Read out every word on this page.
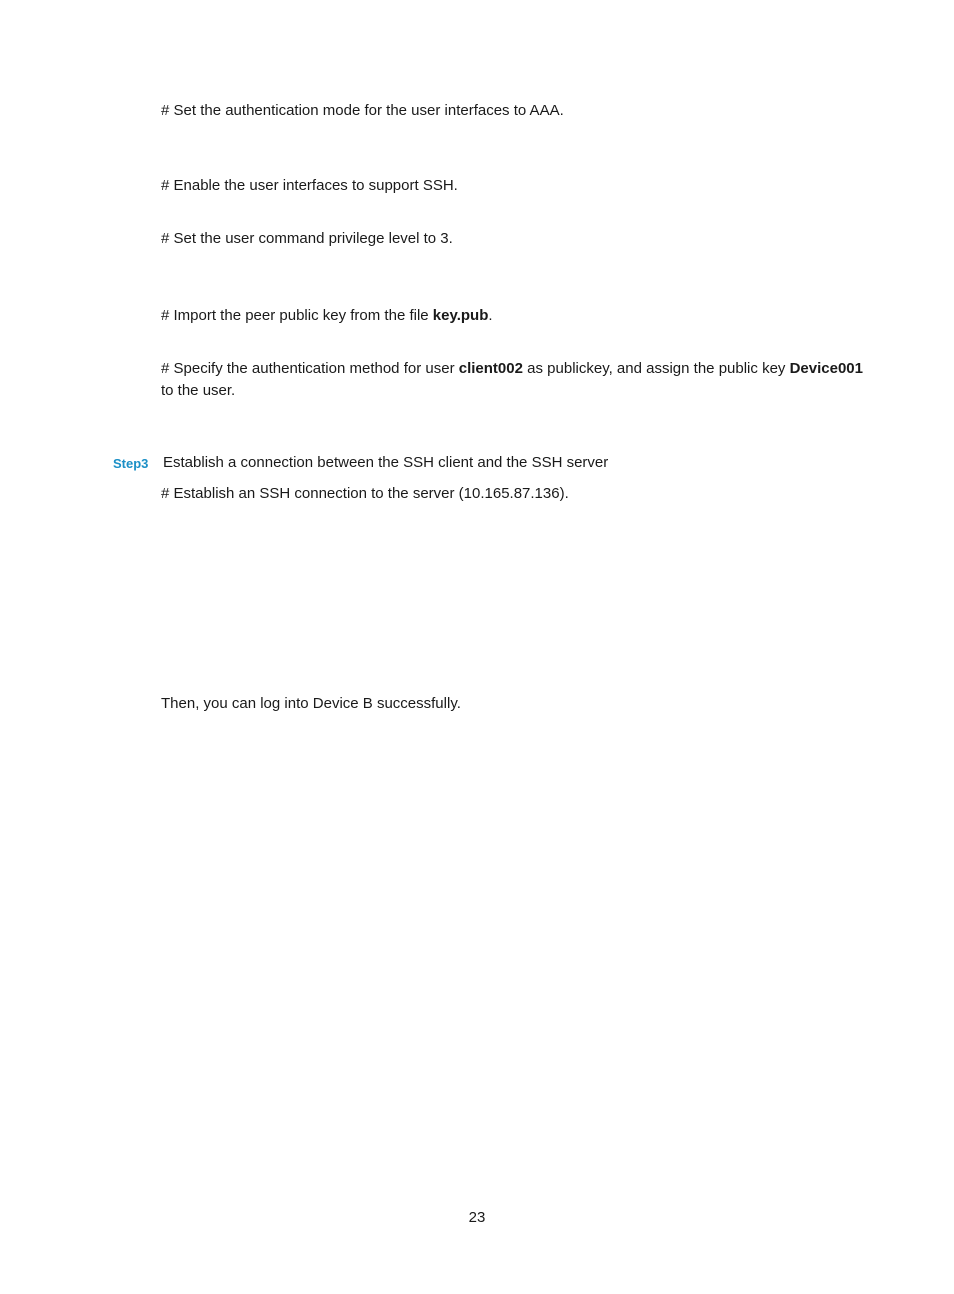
# Set the authentication mode for the user interfaces to AAA.

# Enable the user interfaces to support SSH.

# Set the user command privilege level to 3.

# Import the peer public key from the file key.pub.

# Specify the authentication method for user client002 as publickey, and assign the public key Device001 to the user.

Step3 Establish a connection between the SSH client and the SSH server

# Establish an SSH connection to the server (10.165.87.136).

Then, you can log into Device B successfully.

23
